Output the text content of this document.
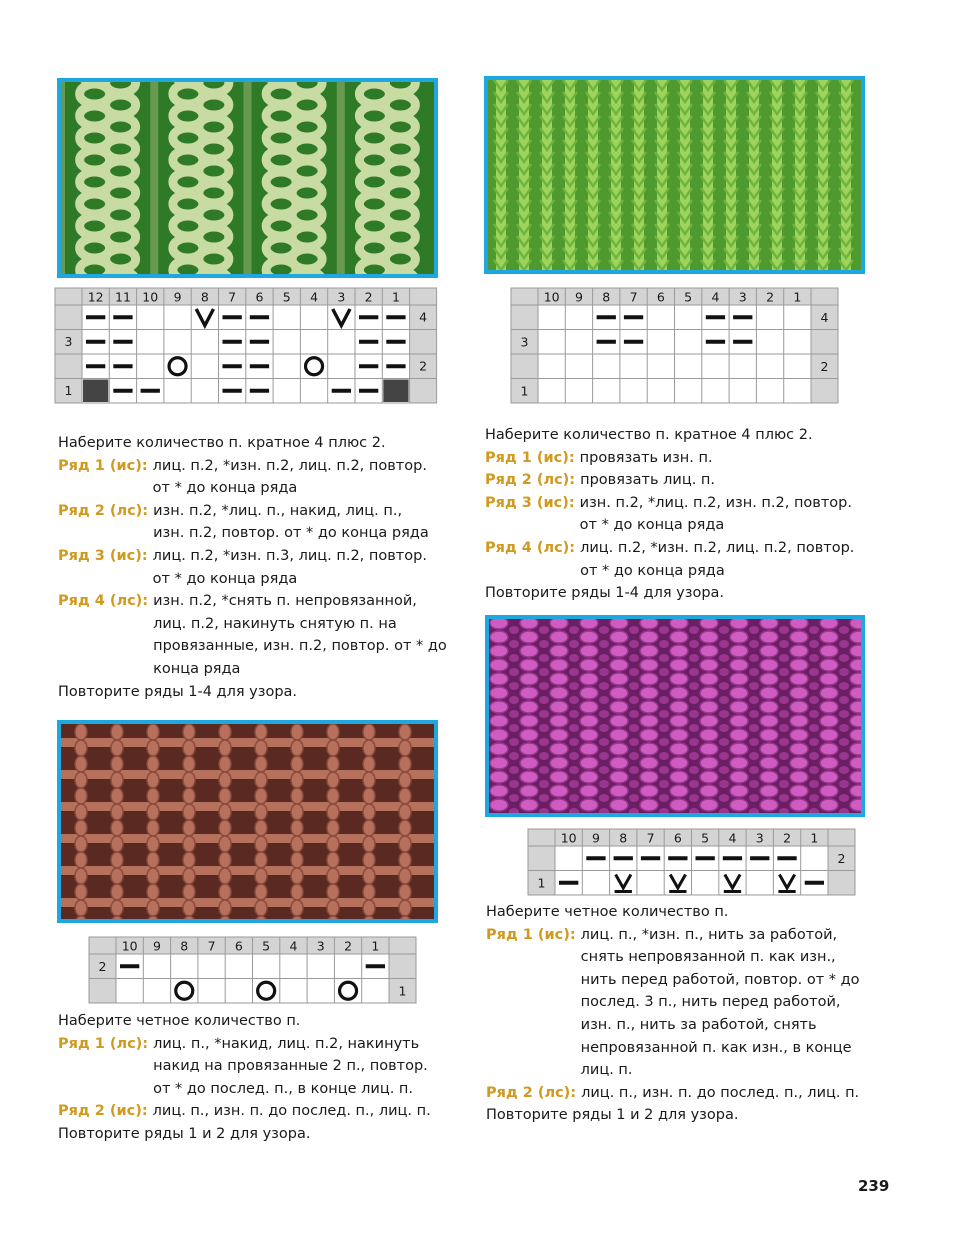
12 11 10 9 8 7 6 5 4 3 2 1
4
2
3
1

Наберите количество п. кратное 4 плюс 2.

Ряд 1 (ис): лиц. п.2, *изн. п.2, лиц. п.2, повтор.
от * до конца ряда
Ряд 2 (лс): изн. п.2, *лиц. п., накид, лиц. п.,
изн. п.2, повтор. от * до конца ряда
Ряд 3 (ис): лиц. п.2, *изн. п.3, лиц. п.2, повтор.
от * до конца ряда
Ряд 4 (лс): изн. п.2, *снять п. непровязанной,
лиц. п.2, накинуть снятую п. на
провязанные, изн. п.2, повтор. от * до
конца ряда

Повторите ряды 1-4 для узора.

10 9 8 7 6 5 4 3 2 1
4
2
3
1

Наберите количество п. кратное 4 плюс 2.

Ряд 1 (ис): провязать изн. п.
Ряд 2 (лс): провязать лиц. п.
Ряд 3 (ис): изн. п.2, *лиц. п.2, изн. п.2, повтор.
от * до конца ряда
Ряд 4 (лс): лиц. п.2, *изн. п.2, лиц. п.2, повтор.
от * до конца ряда

Повторите ряды 1-4 для узора.

10 9 8 7 6 5 4 3 2 1
1
2

Наберите четное количество п.

Ряд 1 (лс): лиц. п., *накид, лиц. п.2, накинуть
накид на провязанные 2 п., повтор.
от * до послед. п., в конце лиц. п.
Ряд 2 (ис): лиц. п., изн. п. до послед. п., лиц. п.

Повторите ряды 1 и 2 для узора.

10 9 8 7 6 5 4 3 2 1
2
1

Наберите четное количество п.

Ряд 1 (ис): лиц. п., *изн. п., нить за работой,
снять непровязанной п. как изн.,
нить перед работой, повтор. от * до
послед. 3 п., нить перед работой,
изн. п., нить за работой, снять
непровязанной п. как изн., в конце
лиц. п.
Ряд 2 (лс): лиц. п., изн. п. до послед. п., лиц. п.

Повторите ряды 1 и 2 для узора.

239
